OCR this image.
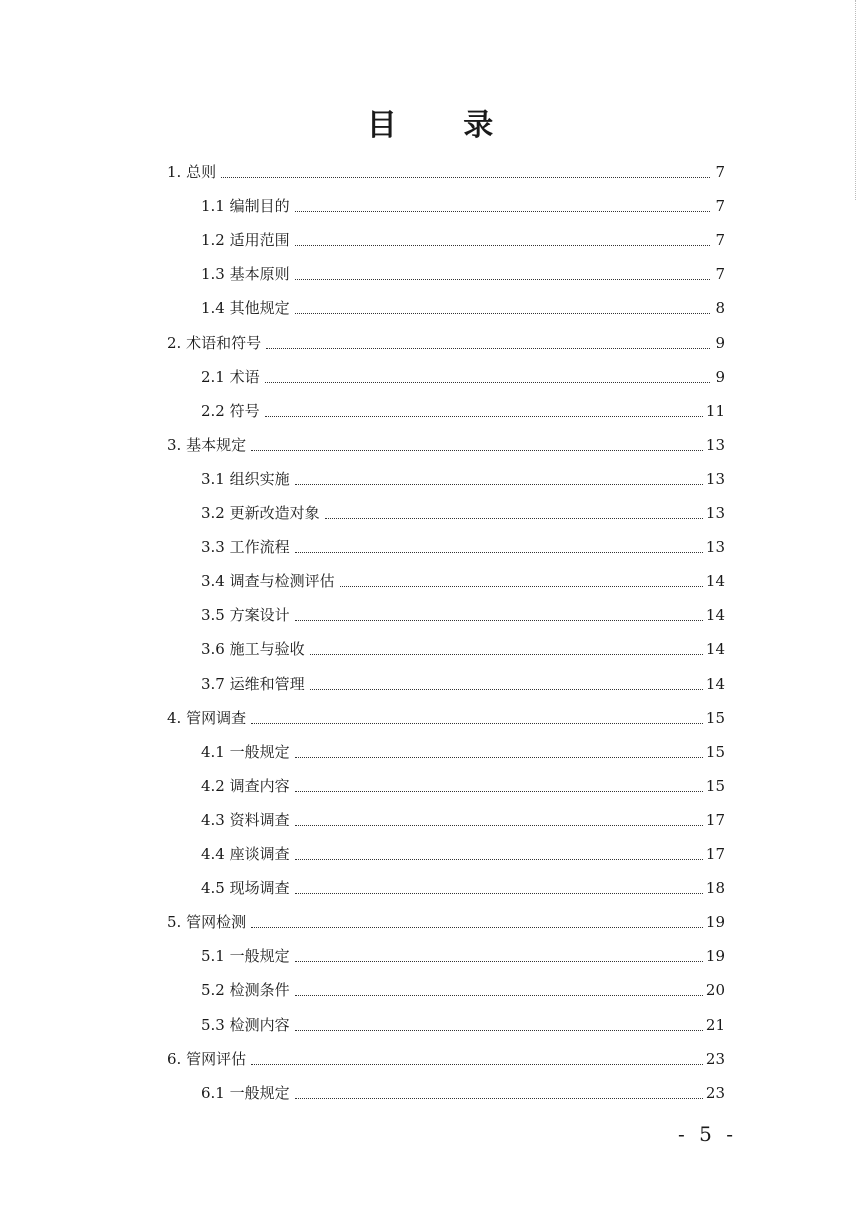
目 录
1. 总则	7
1.1 编制目的	7
1.2 适用范围	7
1.3 基本原则	7
1.4 其他规定	8
2. 术语和符号	9
2.1 术语	9
2.2 符号	11
3. 基本规定	13
3.1 组织实施	13
3.2 更新改造对象	13
3.3 工作流程	13
3.4 调查与检测评估	14
3.5 方案设计	14
3.6 施工与验收	14
3.7 运维和管理	14
4. 管网调查	15
4.1 一般规定	15
4.2 调查内容	15
4.3 资料调查	17
4.4 座谈调查	17
4.5 现场调查	18
5. 管网检测	19
5.1 一般规定	19
5.2 检测条件	20
5.3 检测内容	21
6. 管网评估	23
6.1 一般规定	23
- 5 -
